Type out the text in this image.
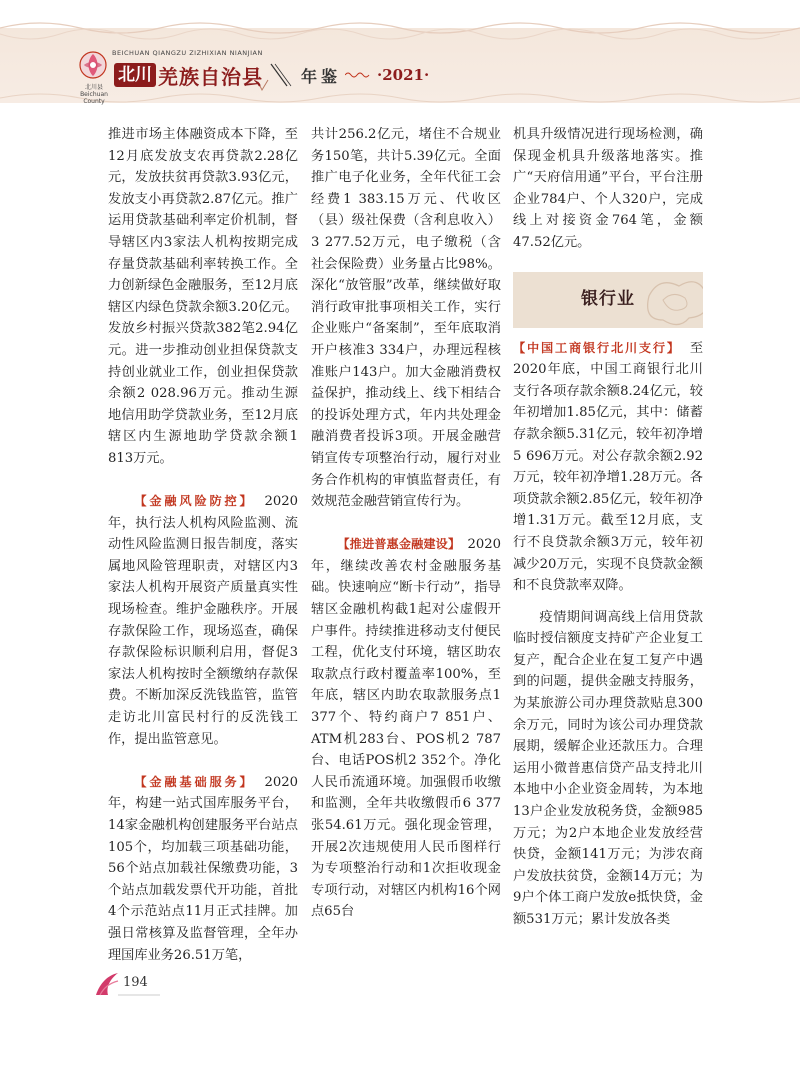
北川县 Beichuan County
BEICHUAN QIANGZU ZIZHIXIAN NIANJIAN
北川 羌族自治县 年鉴 ·2021·

推进市场主体融资成本下降，至12月底发放支农再贷款2.28亿元，发放扶贫再贷款3.93亿元，发放支小再贷款2.87亿元。推广运用贷款基础利率定价机制，督导辖区内3家法人机构按期完成存量贷款基础利率转换工作。全力创新绿色金融服务，至12月底辖区内绿色贷款余额3.20亿元。发放乡村振兴贷款382笔2.94亿元。进一步推动创业担保贷款支持创业就业工作，创业担保贷款余额2 028.96万元。推动生源地信用助学贷款业务，至12月底辖区内生源地助学贷款余额1 813万元。

【金融风险防控】　 2020年，执行法人机构风险监测、流动性风险监测日报告制度，落实属地风险管理职责，对辖区内3家法人机构开展资产质量真实性现场检查。维护金融秩序。开展存款保险工作，现场巡查，确保存款保险标识顺利启用，督促3家法人机构按时全额缴纳存款保费。不断加深反洗钱监管，监管走访北川富民村行的反洗钱工作，提出监管意见。

【金融基础服务】　 2020年，构建一站式国库服务平台，14家金融机构创建服务平台站点105个，均加载三项基础功能，56个站点加载社保缴费功能，3个站点加载发票代开功能，首批4个示范站点11月正式挂牌。加强日常核算及监督管理，全年办理国库业务26.51万笔，

共计256.2亿元，堵住不合规业务150笔，共计5.39亿元。全面推广电子化业务，全年代征工会经费1 383.15万元、代收区（县）级社保费（含利息收入）3 277.52万元，电子缴税（含社会保险费）业务量占比98%。深化“放管服”改革，继续做好取消行政审批事项相关工作，实行企业账户“备案制”，至年底取消开户核准3 334户，办理远程核准账户143户。加大金融消费权益保护，推动线上、线下相结合的投诉处理方式，年内共处理金融消费者投诉3项。开展金融营销宣传专项整治行动，履行对业务合作机构的审慎监督责任，有效规范金融营销宣传行为。

【推进普惠金融建设】　 2020年，继续改善农村金融服务基础。快速响应“断卡行动”，指导辖区金融机构截1起对公虚假开户事件。持续推进移动支付便民工程，优化支付环境，辖区助农取款点行政村覆盖率100%，至年底，辖区内助农取款服务点1 377个、特约商户7 851户、ATM机283台、POS机2 787台、电话POS机2 352个。净化人民币流通环境。加强假币收缴和监测，全年共收缴假币6 377张54.61万元。强化现金管理，开展2次违规使用人民币图样行为专项整治行动和1次拒收现金专项行动，对辖区内机构16个网点65台

机具升级情况进行现场检测，确保现金机具升级落地落实。推广“天府信用通”平台，平台注册企业784户、个人320户，完成线上对接资金764笔，金额47.52亿元。

银行业

【中国工商银行北川支行】　 至2020年底，中国工商银行北川支行各项存款余额8.24亿元，较年初增加1.85亿元，其中：储蓄存款余额5.31亿元，较年初净增5 696万元。对公存款余额2.92万元，较年初净增1.28万元。各项贷款余额2.85亿元，较年初净增1.31万元。截至12月底，支行不良贷款余额3万元，较年初减少20万元，实现不良贷款金额和不良贷款率双降。

疫情期间调高线上信用贷款临时授信额度支持矿产企业复工复产，配合企业在复工复产中遇到的问题，提供金融支持服务，为某旅游公司办理贷款贴息300余万元，同时为该公司办理贷款展期，缓解企业还款压力。合理运用小微普惠信贷产品支持北川本地中小企业资金周转，为本地13户企业发放税务贷，金额985万元；为2户本地企业发放经营快贷，金额141万元；为涉农商户发放扶贫贷，金额14万元；为9户个体工商户发放e抵快贷，金额531万元；累计发放各类

194
